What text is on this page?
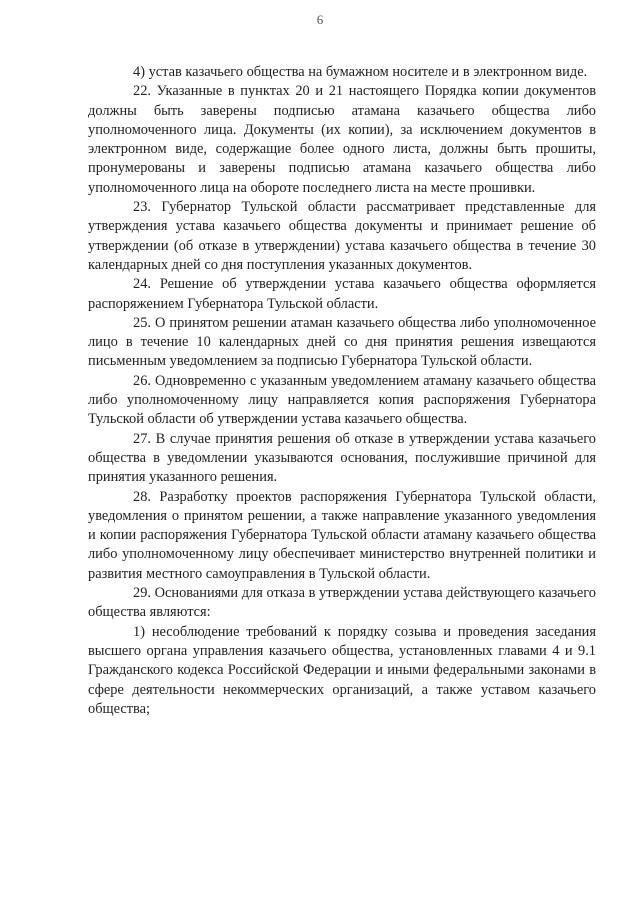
6

4) устав казачьего общества на бумажном носителе и в электронном виде.

22. Указанные в пунктах 20 и 21 настоящего Порядка копии документов должны быть заверены подписью атамана казачьего общества либо уполномоченного лица. Документы (их копии), за исключением документов в электронном виде, содержащие более одного листа, должны быть прошиты, пронумерованы и заверены подписью атамана казачьего общества либо уполномоченного лица на обороте последнего листа на месте прошивки.

23. Губернатор Тульской области рассматривает представленные для утверждения устава казачьего общества документы и принимает решение об утверждении (об отказе в утверждении) устава казачьего общества в течение 30 календарных дней со дня поступления указанных документов.

24. Решение об утверждении устава казачьего общества оформляется распоряжением Губернатора Тульской области.

25. О принятом решении атаман казачьего общества либо уполномоченное лицо в течение 10 календарных дней со дня принятия решения извещаются письменным уведомлением за подписью Губернатора Тульской области.

26. Одновременно с указанным уведомлением атаману казачьего общества либо уполномоченному лицу направляется копия распоряжения Губернатора Тульской области об утверждении устава казачьего общества.

27. В случае принятия решения об отказе в утверждении устава казачьего общества в уведомлении указываются основания, послужившие причиной для принятия указанного решения.

28. Разработку проектов распоряжения Губернатора Тульской области, уведомления о принятом решении, а также направление указанного уведомления и копии распоряжения Губернатора Тульской области атаману казачьего общества либо уполномоченному лицу обеспечивает министерство внутренней политики и развития местного самоуправления в Тульской области.

29. Основаниями для отказа в утверждении устава действующего казачьего общества являются:

1) несоблюдение требований к порядку созыва и проведения заседания высшего органа управления казачьего общества, установленных главами 4 и 9.1 Гражданского кодекса Российской Федерации и иными федеральными законами в сфере деятельности некоммерческих организаций, а также уставом казачьего общества;
